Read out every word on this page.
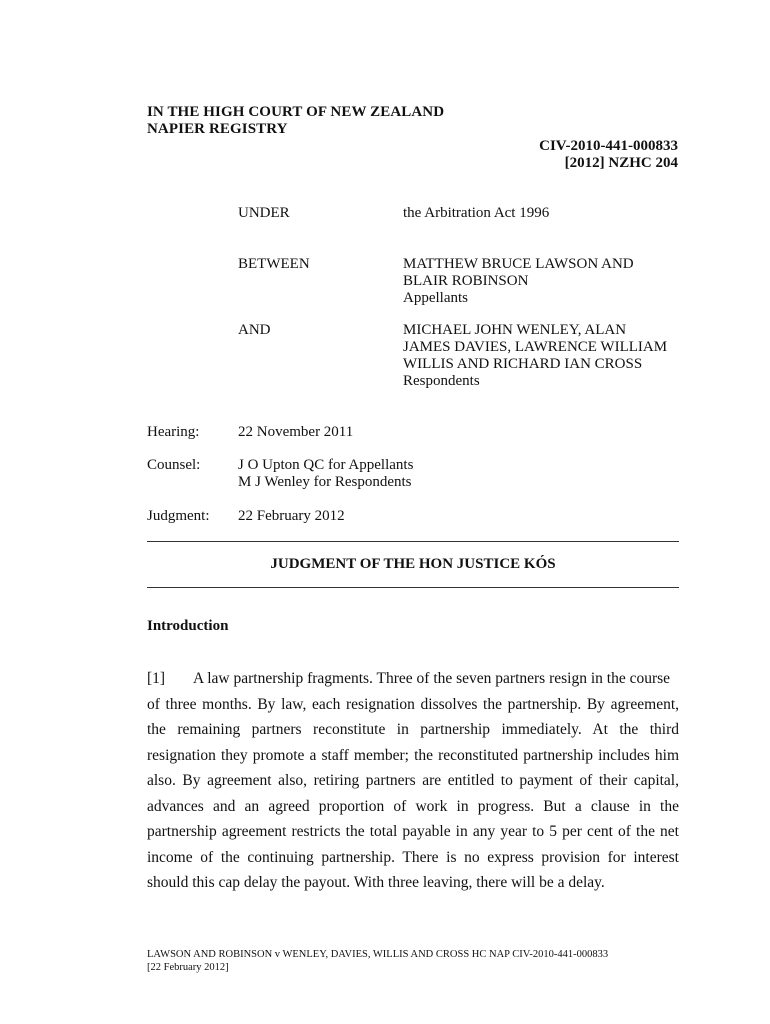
IN THE HIGH COURT OF NEW ZEALAND
NAPIER REGISTRY
CIV-2010-441-000833
[2012] NZHC 204
UNDER	the Arbitration Act 1996
BETWEEN	MATTHEW BRUCE LAWSON AND
BLAIR ROBINSON
Appellants
AND	MICHAEL JOHN WENLEY, ALAN
JAMES DAVIES, LAWRENCE WILLIAM
WILLIS AND RICHARD IAN CROSS
Respondents
Hearing:	22 November 2011
Counsel:	J O Upton QC for Appellants
M J Wenley for Respondents
Judgment: 22 February 2012
JUDGMENT OF THE HON JUSTICE KÓS
Introduction
[1] A law partnership fragments. Three of the seven partners resign in the course
of three months. By law, each resignation dissolves the partnership. By agreement,
the remaining partners reconstitute in partnership immediately. At the third
resignation they promote a staff member; the reconstituted partnership includes him
also. By agreement also, retiring partners are entitled to payment of their capital,
advances and an agreed proportion of work in progress. But a clause in the
partnership agreement restricts the total payable in any year to 5 per cent of the net
income of the continuing partnership. There is no express provision for interest
should this cap delay the payout. With three leaving, there will be a delay.
LAWSON AND ROBINSON v WENLEY, DAVIES, WILLIS AND CROSS HC NAP CIV-2010-441-000833
[22 February 2012]
